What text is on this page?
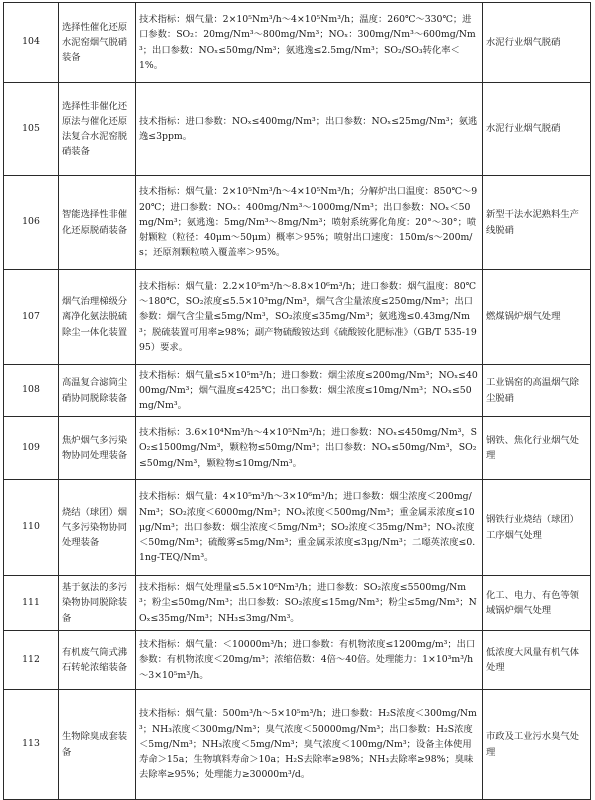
104	选择性催化还原水泥窑烟气脱硝装备	技术指标：烟气量：2×10⁵Nm³/h～4×10⁵Nm³/h；温度：260℃～330℃；进口参数：SO₂：20mg/Nm³～800mg/Nm³；NOₓ：300mg/Nm³～600mg/Nm³；出口参数：NOₓ≤50mg/Nm³；氨逃逸≤2.5mg/Nm³；SO₂/SO₃转化率＜1%。	水泥行业烟气脱硝
105	选择性非催化还原法与催化还原法复合水泥窑脱硝装备	技术指标：进口参数：NOₓ≤400mg/Nm³；出口参数：NOₓ≤25mg/Nm³；氨逃逸≤3ppm。	水泥行业烟气脱硝
106	智能选择性非催化还原脱硝装备	技术指标：烟气量：2×10⁵Nm³/h～4×10⁵Nm³/h；分解炉出口温度：850℃～920℃；进口参数：NOₓ：400mg/Nm³～1000mg/Nm³；出口参数：NOₓ＜50mg/Nm³；氨逃逸：5mg/Nm³～8mg/Nm³；喷射系统雾化角度：20°～30°；喷射颗粒（粒径：40μm～50μm）概率＞95%；喷射出口速度：150m/s～200m/s；还原剂颗粒喷入覆盖率＞95%。	新型干法水泥熟料生产线脱硝
107	烟气治理梯级分离净化氨法脱硫除尘一体化装置	技术指标：烟气量：2.2×10⁵m³/h～8.8×10⁶m³/h；进口参数：烟气温度：80℃～180℃，SO₂浓度≤5.5×10³mg/Nm³，烟气含尘量浓度≤250mg/Nm³；出口参数：烟气含尘量≤5mg/Nm³，SO₂浓度≤35mg/Nm³；氨逃逸≤0.43mg/Nm³；脱硫装置可用率≥98%；副产物硫酸铵达到《硫酸铵化肥标准》（GB/T 535-1995）要求。	燃煤锅炉烟气处理
108	高温复合滤筒尘硝协同脱除装备	技术指标：烟气量≤5×10⁵m³/h；进口参数：烟尘浓度≤200mg/Nm³；NOₓ≤4000mg/Nm³；烟气温度≤425℃；出口参数：烟尘浓度≤10mg/Nm³；NOₓ≤50mg/Nm³。	工业锅窑的高温烟气除尘脱硝
109	焦炉烟气多污染物协同处理装备	技术指标：3.6×10⁴Nm³/h～4×10⁵Nm³/h；进口参数：NOₓ≤450mg/Nm³，SO₂≤1500mg/Nm³，颗粒物≤50mg/Nm³；出口参数：NOₓ≤50mg/Nm³，SO₂≤50mg/Nm³，颗粒物≤10mg/Nm³。	钢铁、焦化行业烟气处理
110	烧结（球团）烟气多污染物协同处理装备	技术指标：烟气量：4×10⁵m³/h～3×10⁶m³/h；进口参数：烟尘浓度＜200mg/Nm³；SO₂浓度＜6000mg/Nm³；NOₓ浓度＜500mg/Nm³；重金属汞浓度≤10μg/Nm³；出口参数：烟尘浓度＜5mg/Nm³；SO₂浓度＜35mg/Nm³；NOₓ浓度＜50mg/Nm³；硫酸雾≤5mg/Nm³；重金属汞浓度≤3μg/Nm³；二噁英浓度≤0.1ng-TEQ/Nm³。	钢铁行业烧结（球团）工序烟气处理
111	基于氨法的多污染物协同脱除装备	技术指标：烟气处理量≤5.5×10⁶Nm³/h；进口参数：SO₂浓度≤5500mg/Nm³；粉尘≤50mg/Nm³；出口参数：SO₂浓度≤15mg/Nm³；粉尘≤5mg/Nm³；NOₓ≤35mg/Nm³；NH₃≤3mg/Nm³。	化工、电力、有色等领域锅炉烟气处理
112	有机废气筒式沸石转轮浓缩装备	技术指标：烟气量：＜10000m³/h；进口参数：有机物浓度≤1200mg/m³；出口参数：有机物浓度＜20mg/m³；浓缩倍数：4倍～40倍。处理能力：1×10³m³/h～3×10⁵m³/h。	低浓度大风量有机气体处理
113	生物除臭成套装备	技术指标：烟气量：500m³/h～5×10⁵m³/h；进口参数：H₂S浓度＜300mg/Nm³；NH₃浓度＜300mg/Nm³；臭气浓度＜50000mg/Nm³；出口参数：H₂S浓度＜5mg/Nm³；NH₃浓度＜5mg/Nm³；臭气浓度＜100mg/Nm³；设备主体使用寿命＞15a；生物填料寿命＞10a；H₂S去除率≥98%；NH₃去除率≥98%；臭味去除率≥95%；处理能力≥30000m³/d。	市政及工业污水臭气处理
